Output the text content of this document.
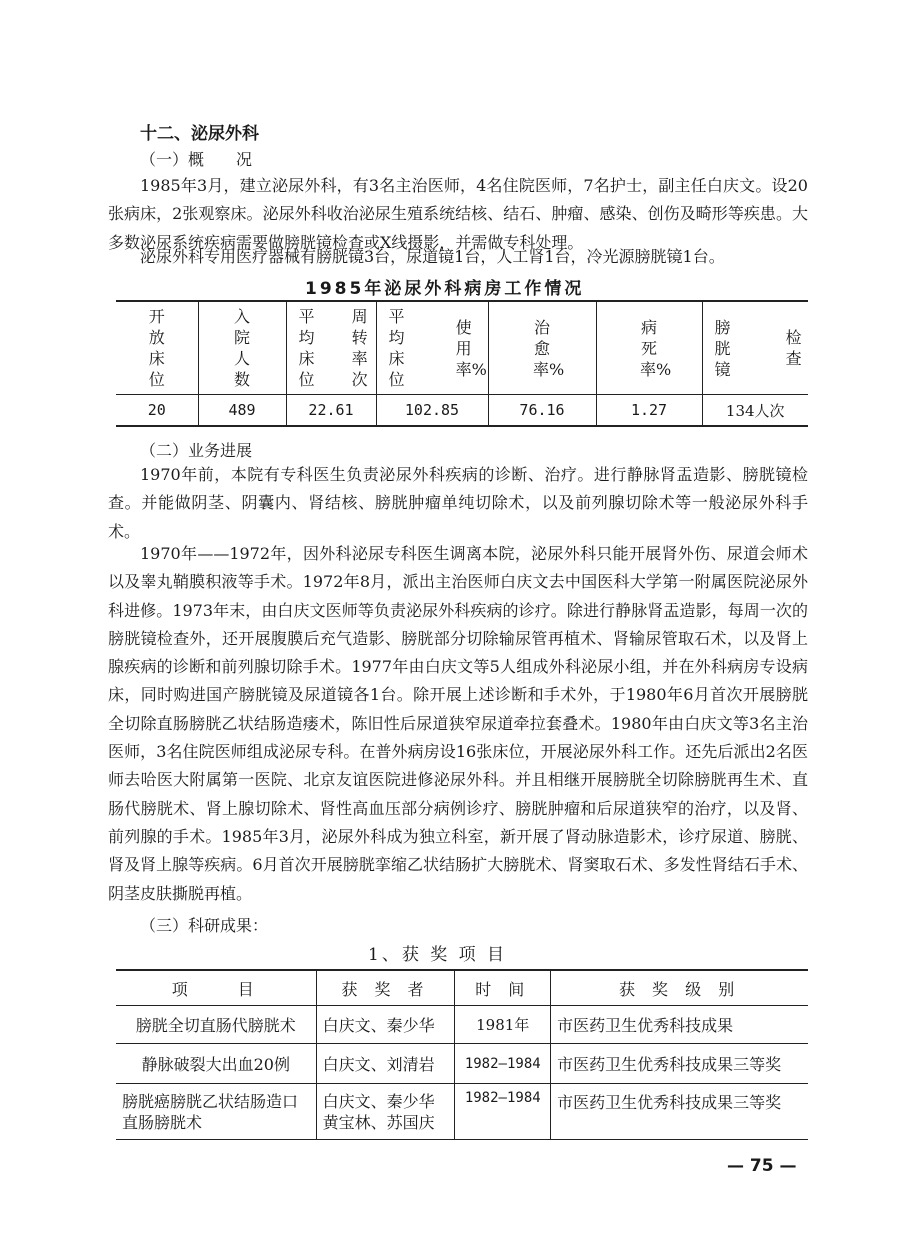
十二、泌尿外科
（一）概　　况
1985年3月，建立泌尿外科，有3名主治医师，4名住院医师，7名护士，副主任白庆文。设20张病床，2张观察床。泌尿外科收治泌尿生殖系统结核、结石、肿瘤、感染、创伤及畸形等疾患。大多数泌尿系统疾病需要做膀胱镜检查或X线摄影，并需做专科处理。
泌尿外科专用医疗器械有膀胱镜3台，尿道镜1台，人工肾1台，冷光源膀胱镜1台。
1985年泌尿外科病房工作情况
开放床位	入院人数	平均床位 周转率次	平均床位 使用率%	治愈率%	病死率%	膀胱镜 检查
20	489	22.61	102.85	76.16	1.27	134人次
（二）业务进展
1970年前，本院有专科医生负责泌尿外科疾病的诊断、治疗。进行静脉肾盂造影、膀胱镜检查。并能做阴茎、阴囊内、肾结核、膀胱肿瘤单纯切除术，以及前列腺切除术等一般泌尿外科手术。
1970年——1972年，因外科泌尿专科医生调离本院，泌尿外科只能开展肾外伤、尿道会师术以及睾丸鞘膜积液等手术。1972年8月，派出主治医师白庆文去中国医科大学第一附属医院泌尿外科进修。1973年末，由白庆文医师等负责泌尿外科疾病的诊疗。除进行静脉肾盂造影，每周一次的膀胱镜检查外，还开展腹膜后充气造影、膀胱部分切除输尿管再植术、肾输尿管取石术，以及肾上腺疾病的诊断和前列腺切除手术。1977年由白庆文等5人组成外科泌尿小组，并在外科病房专设病床，同时购进国产膀胱镜及尿道镜各1台。除开展上述诊断和手术外，于1980年6月首次开展膀胱全切除直肠膀胱乙状结肠造瘘术，陈旧性后尿道狭窄尿道牵拉套叠术。1980年由白庆文等3名主治医师，3名住院医师组成泌尿专科。在普外病房设16张床位，开展泌尿外科工作。还先后派出2名医师去哈医大附属第一医院、北京友谊医院进修泌尿外科。并且相继开展膀胱全切除膀胱再生术、直肠代膀胱术、肾上腺切除术、肾性高血压部分病例诊疗、膀胱肿瘤和后尿道狭窄的治疗，以及肾、前列腺的手术。1985年3月，泌尿外科成为独立科室，新开展了肾动脉造影术，诊疗尿道、膀胱、肾及肾上腺等疾病。6月首次开展膀胱挛缩乙状结肠扩大膀胱术、肾窦取石术、多发性肾结石手术、阴茎皮肤撕脱再植。
（三）科研成果：
1、获 奖 项 目
项　　目	获 奖 者	时 间	获 奖 级 别
膀胱全切直肠代膀胱术	白庆文、秦少华	1981年	市医药卫生优秀科技成果
静脉破裂大出血20例	白庆文、刘清岩	1982—1984	市医药卫生优秀科技成果三等奖
膀胱癌膀胱乙状结肠造口直肠膀胱术	白庆文、秦少华黄宝林、苏国庆	1982—1984	市医药卫生优秀科技成果三等奖
— 75 —
